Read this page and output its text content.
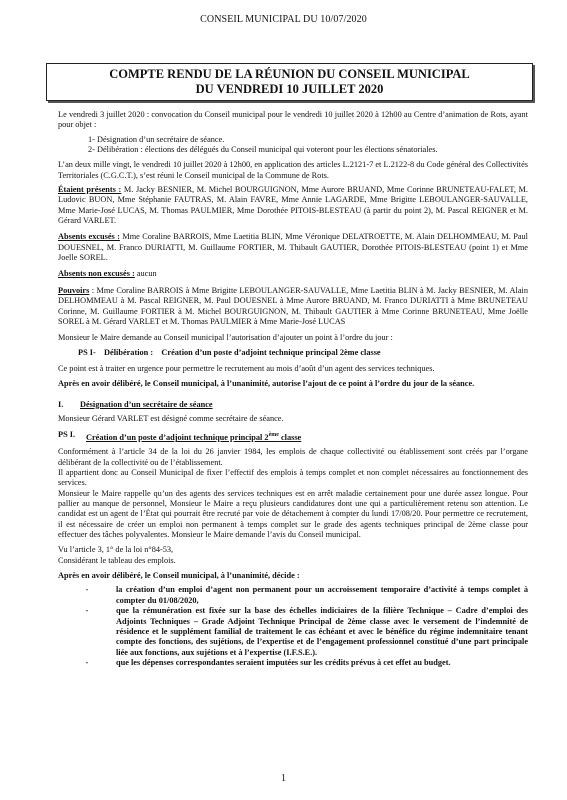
CONSEIL MUNICIPAL DU 10/07/2020
COMPTE RENDU DE LA RÉUNION DU CONSEIL MUNICIPAL
DU VENDREDI 10 JUILLET 2020

Le vendredi 3 juillet 2020 : convocation du Conseil municipal pour le vendredi 10 juillet 2020 à 12h00 au Centre d’animation de Rots, ayant pour objet :

1- Désignation d’un secrétaire de séance.

2- Délibération : élections des délégués du Conseil municipal qui voteront pour les élections sénatoriales.

L’an deux mille vingt, le vendredi 10 juillet 2020 à 12h00, en application des articles L.2121-7 et L.2122-8 du Code général des Collectivités Territoriales (C.G.C.T.), s’est réuni le Conseil municipal de la Commune de Rots.

Étaient présents : M. Jacky BESNIER, M. Michel BOURGUIGNON, Mme Aurore BRUAND, Mme Corinne BRUNETEAU-FALET, M. Ludovic BUON, Mme Stéphanie FAUTRAS, M. Alain FAVRE, Mme Annie LAGARDE, Mme Brigitte LEBOULANGER-SAUVALLE, Mme Marie-José LUCAS, M. Thomas PAULMIER, Mme Dorothée PITOIS-BLESTEAU (à partir du point 2), M. Pascal REIGNER et M. Gérard VARLET.

Absents excusés : Mme Coraline BARROIS, Mme Laetitia BLIN, Mme Véronique DELATROETTE, M. Alain DELHOMMEAU, M. Paul DOUESNEL, M. Franco DURIATTI, M. Guillaume FORTIER, M. Thibault GAUTIER, Dorothée PITOIS-BLESTEAU (point 1) et Mme Joelle SOREL.

Absents non excusés : aucun

Pouvoirs : Mme Coraline BARROIS à Mme Brigitte LEBOULANGER-SAUVALLE, Mme Laetitia BLIN à M. Jacky BESNIER, M. Alain DELHOMMEAU à M. Pascal REIGNER, M. Paul DOUESNEL à Mme Aurore BRUAND, M. Franco DURIATTI à Mme BRUNETEAU Corinne, M. Guillaume FORTIER à M. Michel BOURGUIGNON, M. Thibault GAUTIER à Mme Corinne BRUNETEAU, Mme Joëlle SOREL à M. Gérard VARLET et M. Thomas PAULMIER à Mme Marie-José LUCAS

Monsieur le Maire demande au Conseil municipal l’autorisation d’ajouter un point à l’ordre du jour :

PS I-    Délibération :    Création d’un poste d’adjoint technique principal 2ème classe

Ce point est à traiter en urgence pour permettre le recrutement au mois d’août d’un agent des services techniques.

Après en avoir délibéré, le Conseil municipal, à l’unanimité, autorise l’ajout de ce point à l’ordre du jour de la séance.

I.	Désignation d’un secrétaire de séance

Monsieur Gérard VARLET est désigné comme secrétaire de séance.

PS I.	Création d’un poste d’adjoint technique principal 2ème classe

Conformément à l’article 34 de la loi du 26 janvier 1984, les emplois de chaque collectivité ou établissement sont créés par l’organe délibérant de la collectivité ou de l’établissement.

Il appartient donc au Conseil Municipal de fixer l’effectif des emplois à temps complet et non complet nécessaires au fonctionnement des services.

Monsieur le Maire rappelle qu’un des agents des services techniques est en arrêt maladie certainement pour une durée assez longue. Pour pallier au manque de personnel, Monsieur le Maire a reçu plusieurs candidatures dont une qui a particulièrement retenu son attention. Le candidat est un agent de l’État qui pourrait être recruté par voie de détachement à compter du lundi 17/08/20. Pour permettre ce recrutement, il est nécessaire de créer un emploi non permanent à temps complet sur le grade des agents techniques principal de 2ème classe pour effectuer des tâches polyvalentes. Monsieur le Maire demande l’avis du Conseil municipal.

Vu l’article 3, 1° de la loi n°84-53,

Considérant le tableau des emplois.

Après en avoir délibéré, le Conseil municipal, à l’unanimité, décide :

-	la création d’un emploi d’agent non permanent pour un accroissement temporaire d’activité à temps complet à compter du 01/08/2020,
-	que la rémunération est fixée sur la base des échelles indiciaires de la filière Technique – Cadre d’emploi des Adjoints Techniques – Grade Adjoint Technique Principal de 2ème classe avec le versement de l’indemnité de résidence et le supplément familial de traitement le cas échéant et avec le bénéfice du régime indemnitaire tenant compte des fonctions, des sujétions, de l’expertise et de l’engagement professionnel constitué d’une part principale liée aux fonctions, aux sujétions et à l’expertise (I.F.S.E.).
-	que les dépenses correspondantes seraient imputées sur les crédits prévus à cet effet au budget.
1
